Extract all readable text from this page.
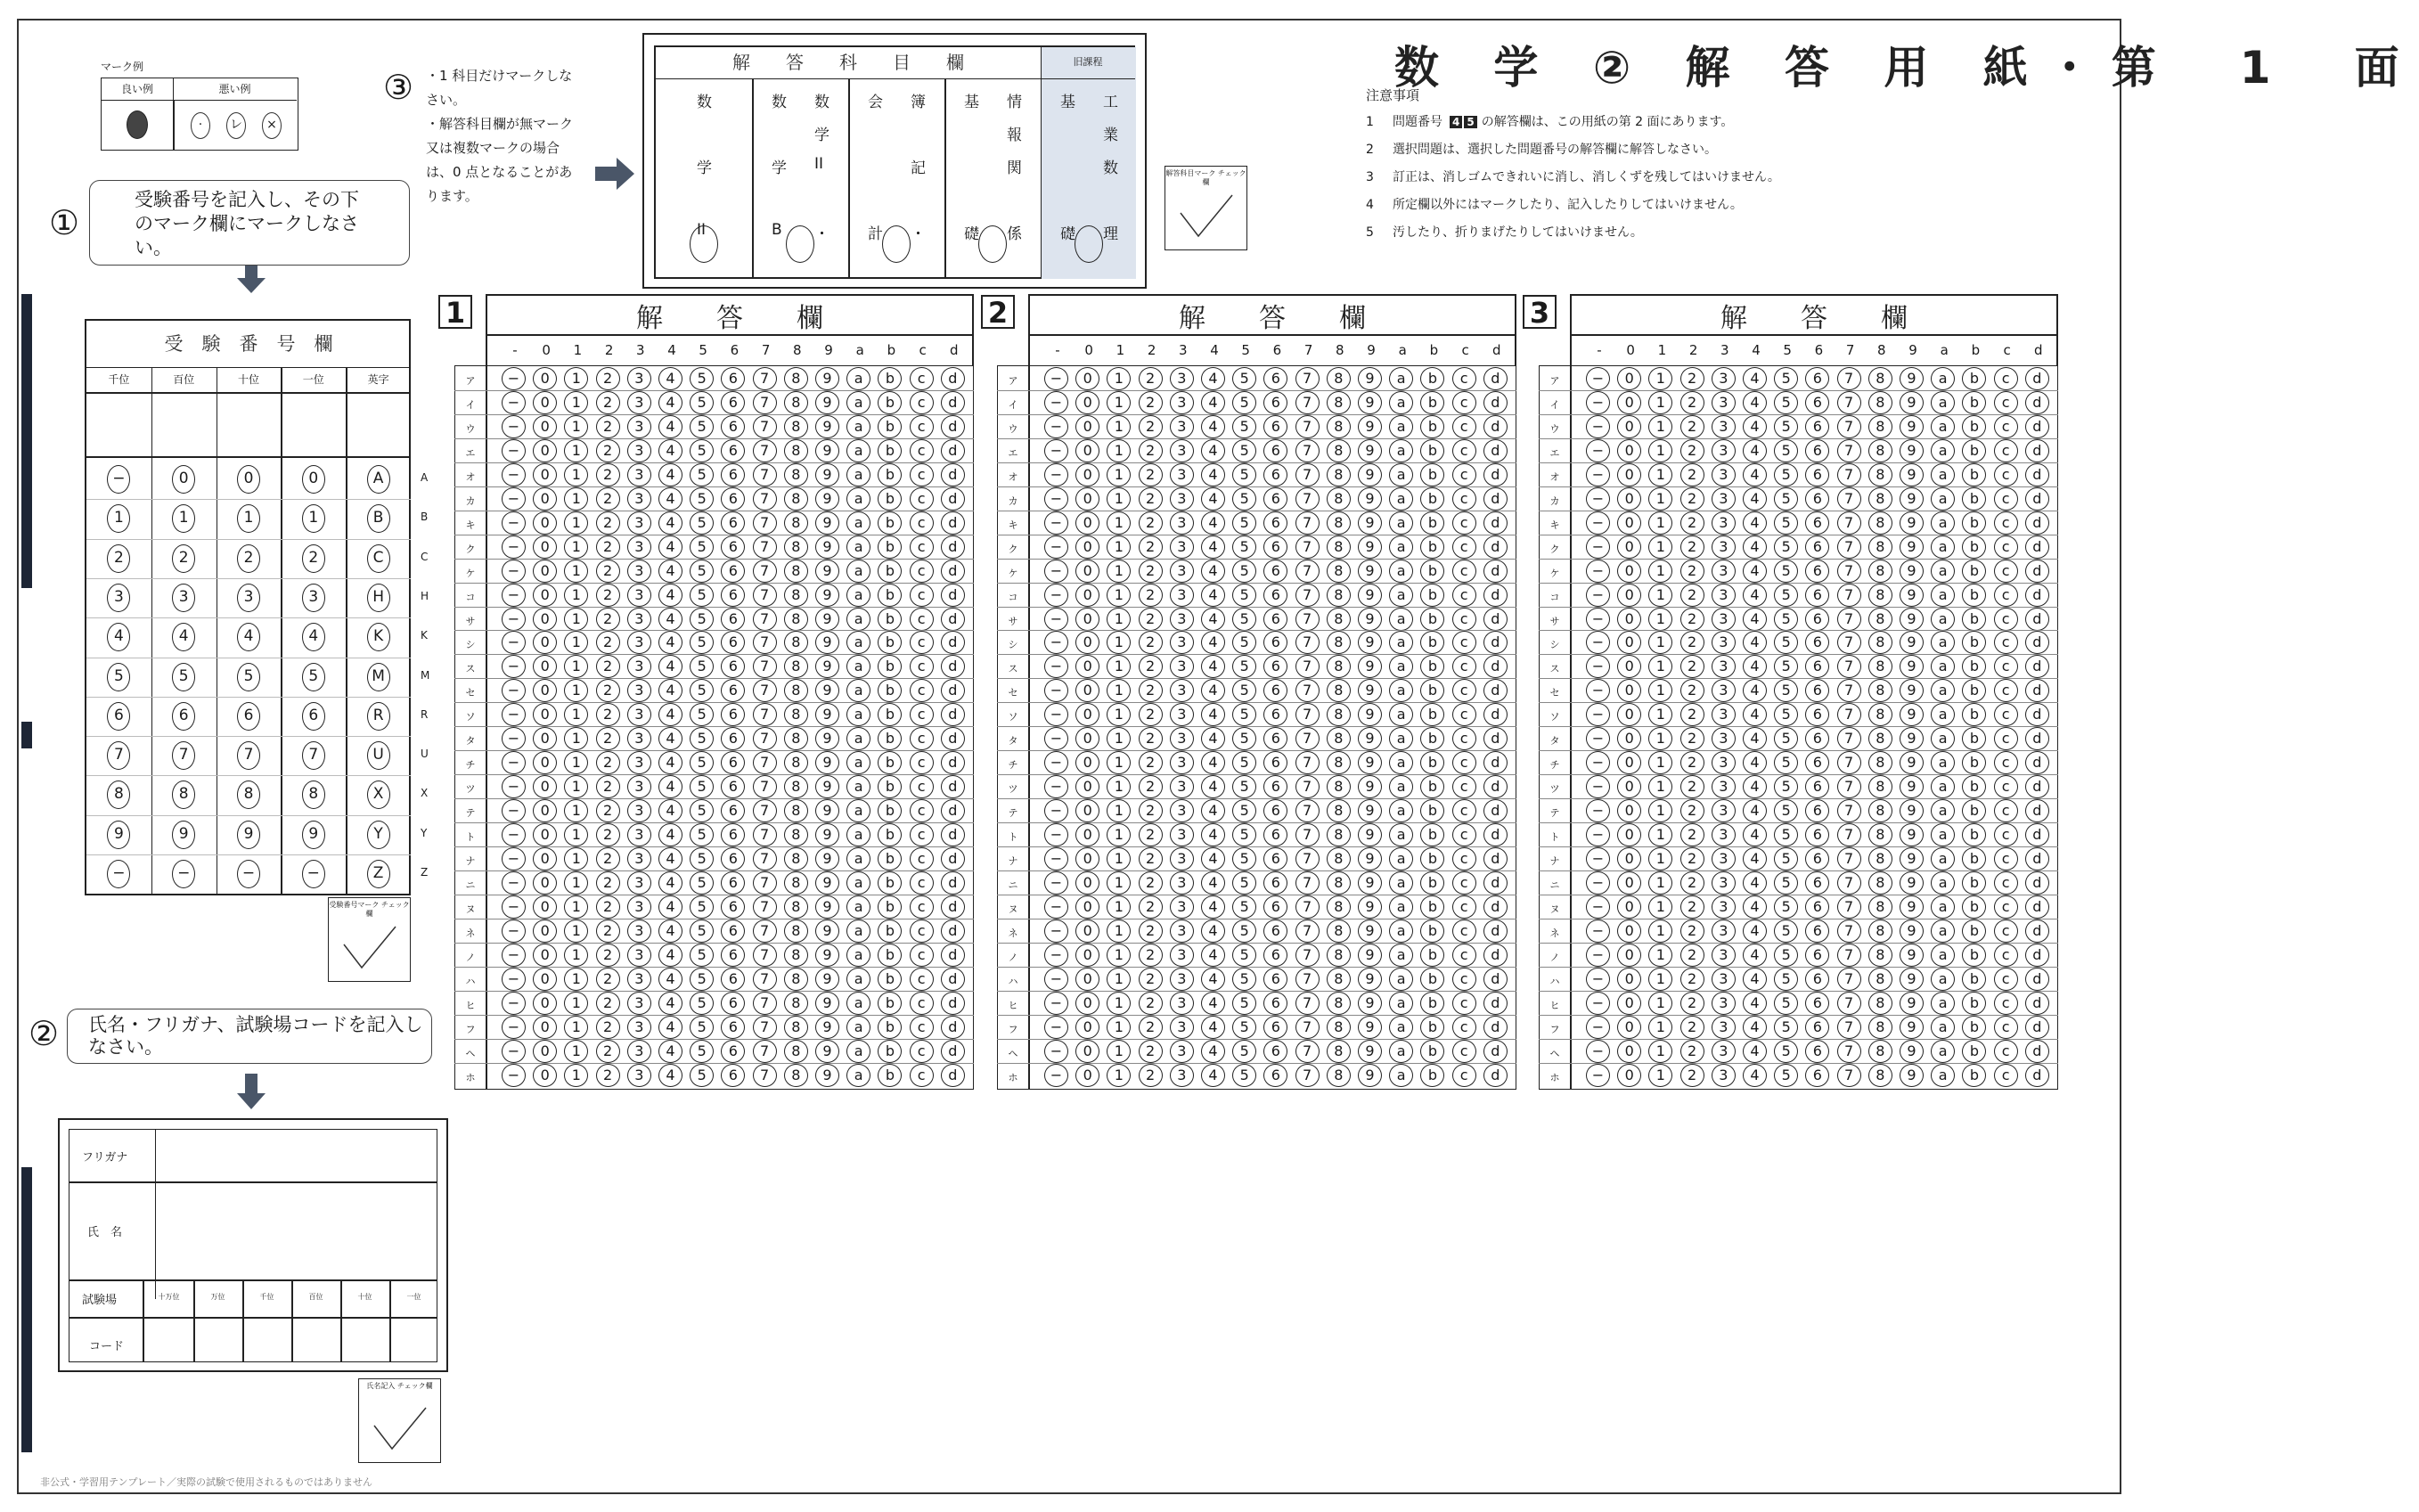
数 学 ② 解 答 用 紙・第　1　面
注意事項
1 問題番号 4 5 の解答欄は、この用紙の第 2 面にあります。
2 選択問題は、選択した問題番号の解答欄に解答しなさい。
3 訂正は、消しゴムできれいに消し、消しくずを残してはいけません。
4 所定欄以外にはマークしたり、記入したりしてはいけません。
5 汚したり、折りまげたりしてはいけません。
マーク例
良い例	悪い例
·	レ	×
①
受験番号を記入し、その下のマーク欄にマークしなさい。
③ ・1 科目だけマークしな
さい。
・解答科目欄が無マーク
又は複数マークの場合
は、0 点となることがあ
ります。
解　　答　　科　　目　　欄	旧課程
数
学
II
数
学
B
数
学
II
・
会
計
簿
記
・
基
礎
情
報
関
係
基
礎
工
業
数
理
解答科目マーク チェック欄
受　験　番　号　欄
千位	百位	十位	一位	英字
−	0	0	0	A
1	1	1	1	B
2	2	2	2	C
3	3	3	3	H
4	4	4	4	K
5	5	5	5	M
6	6	6	6	R
7	7	7	7	U
8	8	8	8	X
9	9	9	9	Y
−	−	−	−	Z
A
B
C
H
K
M
R
U
X
Y
Z
受験番号マーク チェック欄
② 氏名・フリガナ、試験場コードを記入しなさい。
フリガナ
氏　名
試験場
コード
十万位	万位	千位	百位	十位	一位
氏名記入 チェック欄
1	解　　答　　欄
-	0	1	2	3	4	5	6	7	8	9	a	b	c	d
ア	−	0	1	2	3	4	5	6	7	8	9	a	b	c	d
イ	−	0	1	2	3	4	5	6	7	8	9	a	b	c	d
ウ	−	0	1	2	3	4	5	6	7	8	9	a	b	c	d
エ	−	0	1	2	3	4	5	6	7	8	9	a	b	c	d
オ	−	0	1	2	3	4	5	6	7	8	9	a	b	c	d
カ	−	0	1	2	3	4	5	6	7	8	9	a	b	c	d
キ	−	0	1	2	3	4	5	6	7	8	9	a	b	c	d
ク	−	0	1	2	3	4	5	6	7	8	9	a	b	c	d
ケ	−	0	1	2	3	4	5	6	7	8	9	a	b	c	d
コ	−	0	1	2	3	4	5	6	7	8	9	a	b	c	d
サ	−	0	1	2	3	4	5	6	7	8	9	a	b	c	d
シ	−	0	1	2	3	4	5	6	7	8	9	a	b	c	d
ス	−	0	1	2	3	4	5	6	7	8	9	a	b	c	d
セ	−	0	1	2	3	4	5	6	7	8	9	a	b	c	d
ソ	−	0	1	2	3	4	5	6	7	8	9	a	b	c	d
タ	−	0	1	2	3	4	5	6	7	8	9	a	b	c	d
チ	−	0	1	2	3	4	5	6	7	8	9	a	b	c	d
ツ	−	0	1	2	3	4	5	6	7	8	9	a	b	c	d
テ	−	0	1	2	3	4	5	6	7	8	9	a	b	c	d
ト	−	0	1	2	3	4	5	6	7	8	9	a	b	c	d
ナ	−	0	1	2	3	4	5	6	7	8	9	a	b	c	d
ニ	−	0	1	2	3	4	5	6	7	8	9	a	b	c	d
ヌ	−	0	1	2	3	4	5	6	7	8	9	a	b	c	d
ネ	−	0	1	2	3	4	5	6	7	8	9	a	b	c	d
ノ	−	0	1	2	3	4	5	6	7	8	9	a	b	c	d
ハ	−	0	1	2	3	4	5	6	7	8	9	a	b	c	d
ヒ	−	0	1	2	3	4	5	6	7	8	9	a	b	c	d
フ	−	0	1	2	3	4	5	6	7	8	9	a	b	c	d
ヘ	−	0	1	2	3	4	5	6	7	8	9	a	b	c	d
ホ	−	0	1	2	3	4	5	6	7	8	9	a	b	c	d
2	解　　答　　欄
-	0	1	2	3	4	5	6	7	8	9	a	b	c	d
ア	−	0	1	2	3	4	5	6	7	8	9	a	b	c	d
イ	−	0	1	2	3	4	5	6	7	8	9	a	b	c	d
ウ	−	0	1	2	3	4	5	6	7	8	9	a	b	c	d
エ	−	0	1	2	3	4	5	6	7	8	9	a	b	c	d
オ	−	0	1	2	3	4	5	6	7	8	9	a	b	c	d
カ	−	0	1	2	3	4	5	6	7	8	9	a	b	c	d
キ	−	0	1	2	3	4	5	6	7	8	9	a	b	c	d
ク	−	0	1	2	3	4	5	6	7	8	9	a	b	c	d
ケ	−	0	1	2	3	4	5	6	7	8	9	a	b	c	d
コ	−	0	1	2	3	4	5	6	7	8	9	a	b	c	d
サ	−	0	1	2	3	4	5	6	7	8	9	a	b	c	d
シ	−	0	1	2	3	4	5	6	7	8	9	a	b	c	d
ス	−	0	1	2	3	4	5	6	7	8	9	a	b	c	d
セ	−	0	1	2	3	4	5	6	7	8	9	a	b	c	d
ソ	−	0	1	2	3	4	5	6	7	8	9	a	b	c	d
タ	−	0	1	2	3	4	5	6	7	8	9	a	b	c	d
チ	−	0	1	2	3	4	5	6	7	8	9	a	b	c	d
ツ	−	0	1	2	3	4	5	6	7	8	9	a	b	c	d
テ	−	0	1	2	3	4	5	6	7	8	9	a	b	c	d
ト	−	0	1	2	3	4	5	6	7	8	9	a	b	c	d
ナ	−	0	1	2	3	4	5	6	7	8	9	a	b	c	d
ニ	−	0	1	2	3	4	5	6	7	8	9	a	b	c	d
ヌ	−	0	1	2	3	4	5	6	7	8	9	a	b	c	d
ネ	−	0	1	2	3	4	5	6	7	8	9	a	b	c	d
ノ	−	0	1	2	3	4	5	6	7	8	9	a	b	c	d
ハ	−	0	1	2	3	4	5	6	7	8	9	a	b	c	d
ヒ	−	0	1	2	3	4	5	6	7	8	9	a	b	c	d
フ	−	0	1	2	3	4	5	6	7	8	9	a	b	c	d
ヘ	−	0	1	2	3	4	5	6	7	8	9	a	b	c	d
ホ	−	0	1	2	3	4	5	6	7	8	9	a	b	c	d
3	解　　答　　欄
-	0	1	2	3	4	5	6	7	8	9	a	b	c	d
ア	−	0	1	2	3	4	5	6	7	8	9	a	b	c	d
イ	−	0	1	2	3	4	5	6	7	8	9	a	b	c	d
ウ	−	0	1	2	3	4	5	6	7	8	9	a	b	c	d
エ	−	0	1	2	3	4	5	6	7	8	9	a	b	c	d
オ	−	0	1	2	3	4	5	6	7	8	9	a	b	c	d
カ	−	0	1	2	3	4	5	6	7	8	9	a	b	c	d
キ	−	0	1	2	3	4	5	6	7	8	9	a	b	c	d
ク	−	0	1	2	3	4	5	6	7	8	9	a	b	c	d
ケ	−	0	1	2	3	4	5	6	7	8	9	a	b	c	d
コ	−	0	1	2	3	4	5	6	7	8	9	a	b	c	d
サ	−	0	1	2	3	4	5	6	7	8	9	a	b	c	d
シ	−	0	1	2	3	4	5	6	7	8	9	a	b	c	d
ス	−	0	1	2	3	4	5	6	7	8	9	a	b	c	d
セ	−	0	1	2	3	4	5	6	7	8	9	a	b	c	d
ソ	−	0	1	2	3	4	5	6	7	8	9	a	b	c	d
タ	−	0	1	2	3	4	5	6	7	8	9	a	b	c	d
チ	−	0	1	2	3	4	5	6	7	8	9	a	b	c	d
ツ	−	0	1	2	3	4	5	6	7	8	9	a	b	c	d
テ	−	0	1	2	3	4	5	6	7	8	9	a	b	c	d
ト	−	0	1	2	3	4	5	6	7	8	9	a	b	c	d
ナ	−	0	1	2	3	4	5	6	7	8	9	a	b	c	d
ニ	−	0	1	2	3	4	5	6	7	8	9	a	b	c	d
ヌ	−	0	1	2	3	4	5	6	7	8	9	a	b	c	d
ネ	−	0	1	2	3	4	5	6	7	8	9	a	b	c	d
ノ	−	0	1	2	3	4	5	6	7	8	9	a	b	c	d
ハ	−	0	1	2	3	4	5	6	7	8	9	a	b	c	d
ヒ	−	0	1	2	3	4	5	6	7	8	9	a	b	c	d
フ	−	0	1	2	3	4	5	6	7	8	9	a	b	c	d
ヘ	−	0	1	2	3	4	5	6	7	8	9	a	b	c	d
ホ	−	0	1	2	3	4	5	6	7	8	9	a	b	c	d
非公式・学習用テンプレート／実際の試験で使用されるものではありません
